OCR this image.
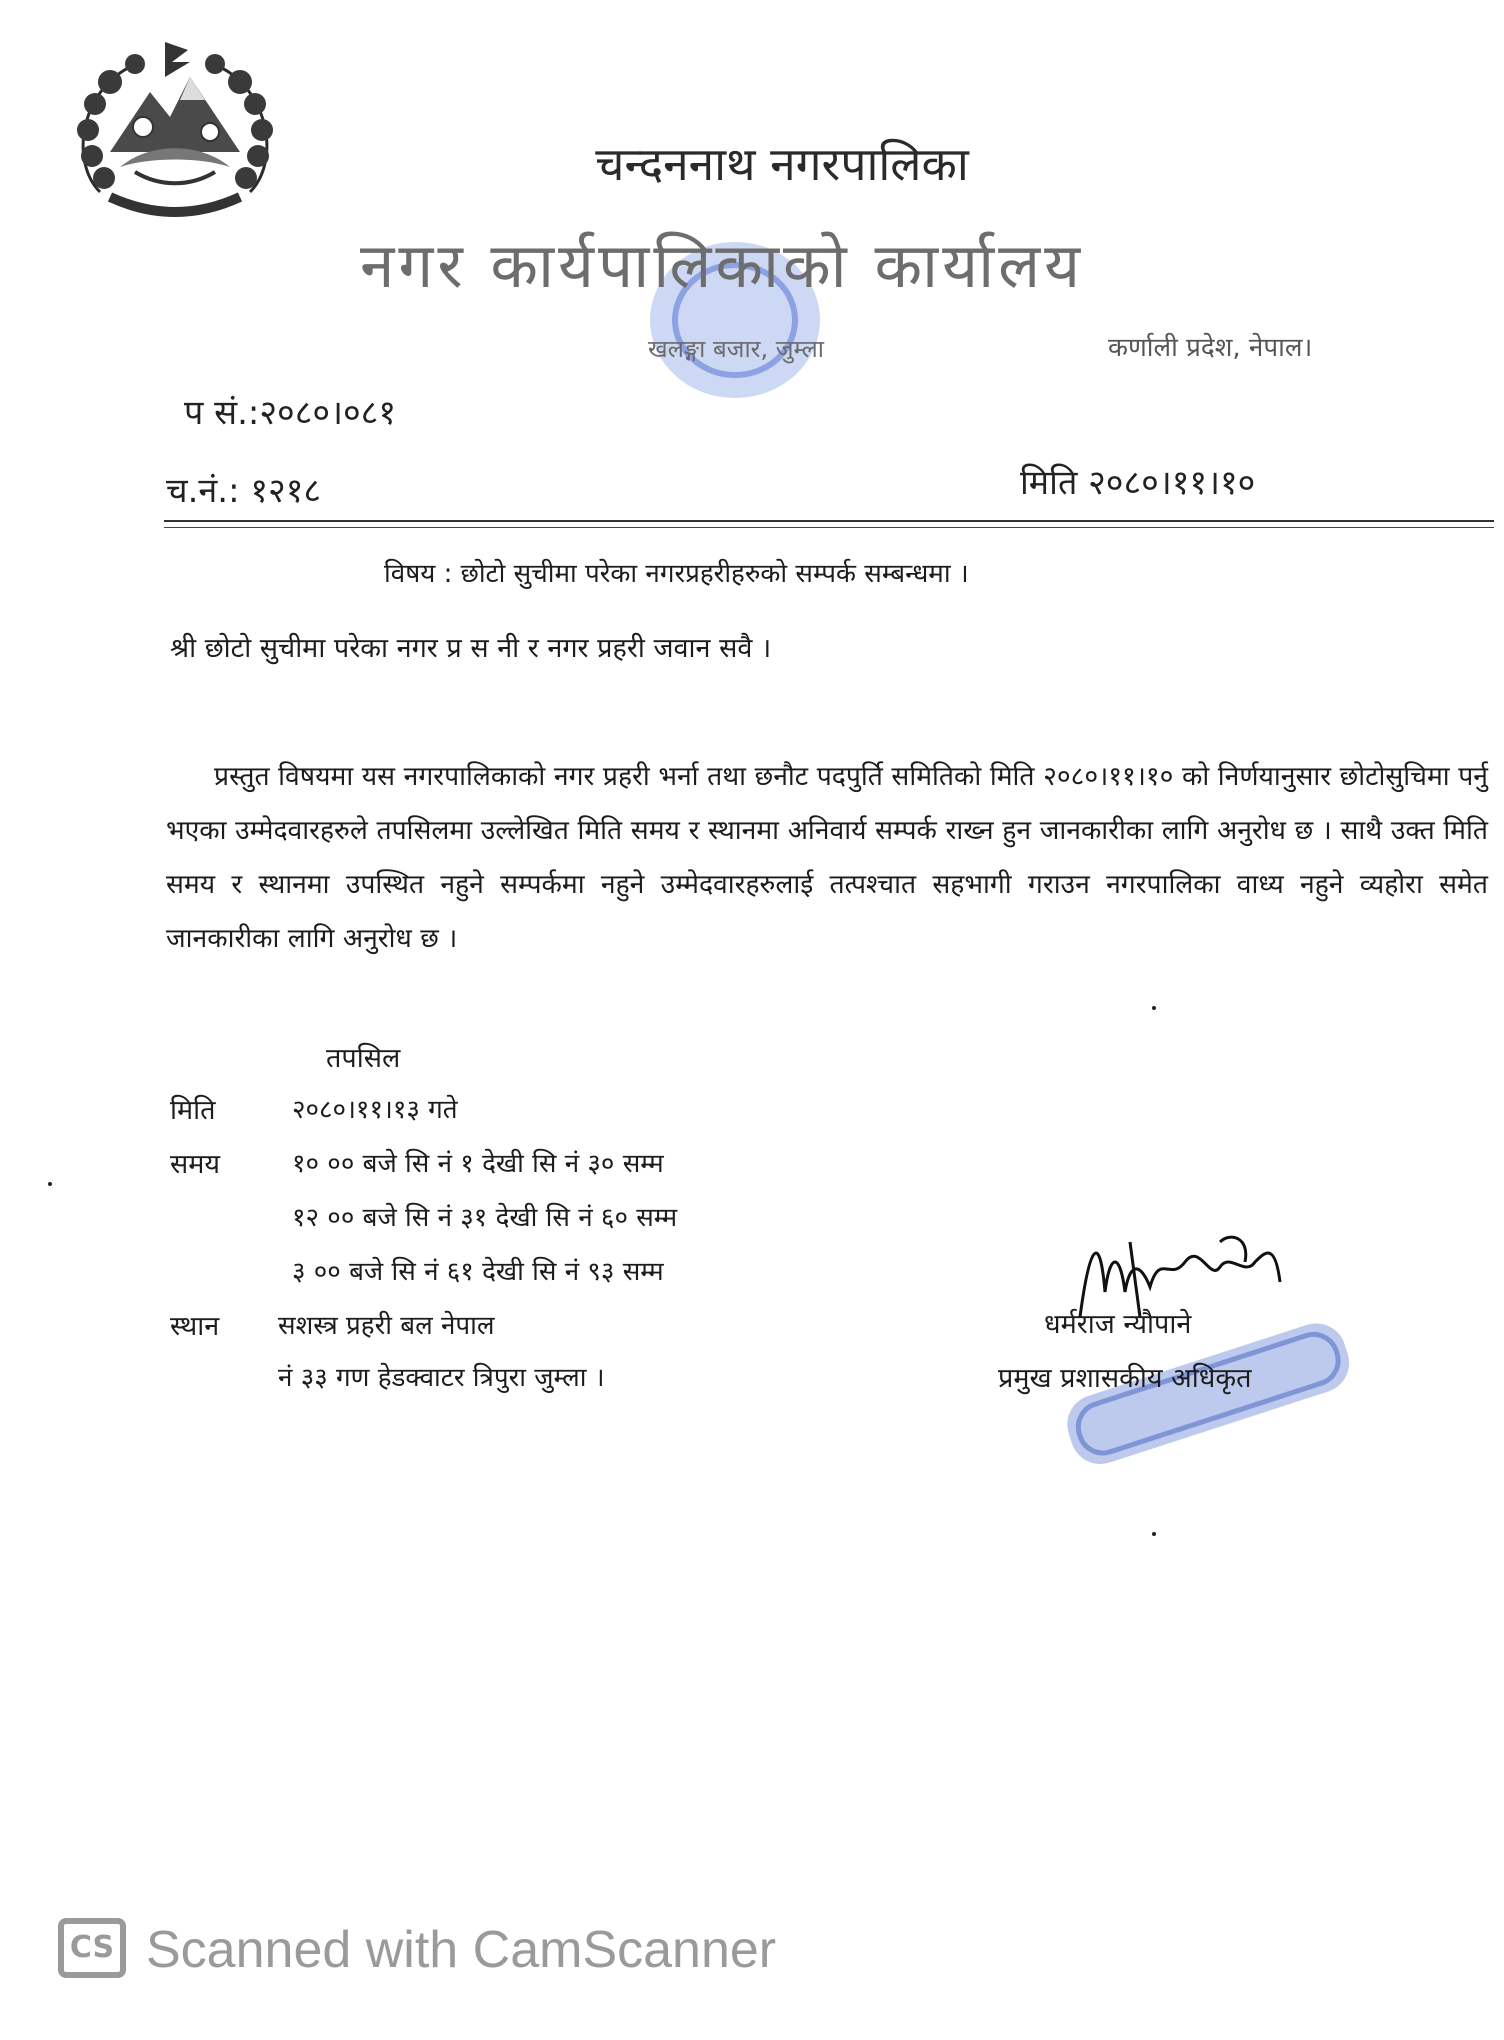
चन्दननाथ नगरपालिका
नगर कार्यपालिकाको कार्यालय
खलङ्गा बजार, जुम्ला	कर्णाली प्रदेश, नेपाल।
प सं.:२०८०।०८१
च.नं.: १२१८	मिति २०८०।११।१०
विषय : छोटो सुचीमा परेका नगरप्रहरीहरुको सम्पर्क सम्बन्धमा ।
श्री छोटो सुचीमा परेका नगर प्र स नी र नगर प्रहरी जवान सवै ।
प्रस्तुत विषयमा यस नगरपालिकाको नगर प्रहरी भर्ना तथा छनौट पदपुर्ति समितिको मिति २०८०।११।१० को निर्णयानुसार छोटोसुचिमा पर्नु भएका उम्मेदवारहरुले तपसिलमा उल्लेखित मिति समय र स्थानमा अनिवार्य सम्पर्क राख्न हुन जानकारीका लागि अनुरोध छ । साथै उक्त मिति समय र स्थानमा उपस्थित नहुने सम्पर्कमा नहुने उम्मेदवारहरुलाई तत्पश्चात सहभागी गराउन नगरपालिका वाध्य नहुने व्यहोरा समेत जानकारीका लागि अनुरोध छ ।
तपसिल
मिति	२०८०।११।१३ गते
समय	१० ०० बजे सि नं १ देखी सि नं ३० सम्म
१२ ०० बजे सि नं ३१ देखी सि नं ६० सम्म
३ ०० बजे सि नं ६१ देखी सि नं ९३ सम्म
स्थान सशस्त्र प्रहरी बल नेपाल
नं ३३ गण हेडक्वाटर त्रिपुरा जुम्ला ।
धर्मराज न्यौपाने
प्रमुख प्रशासकीय अधिकृत
CS Scanned with CamScanner
